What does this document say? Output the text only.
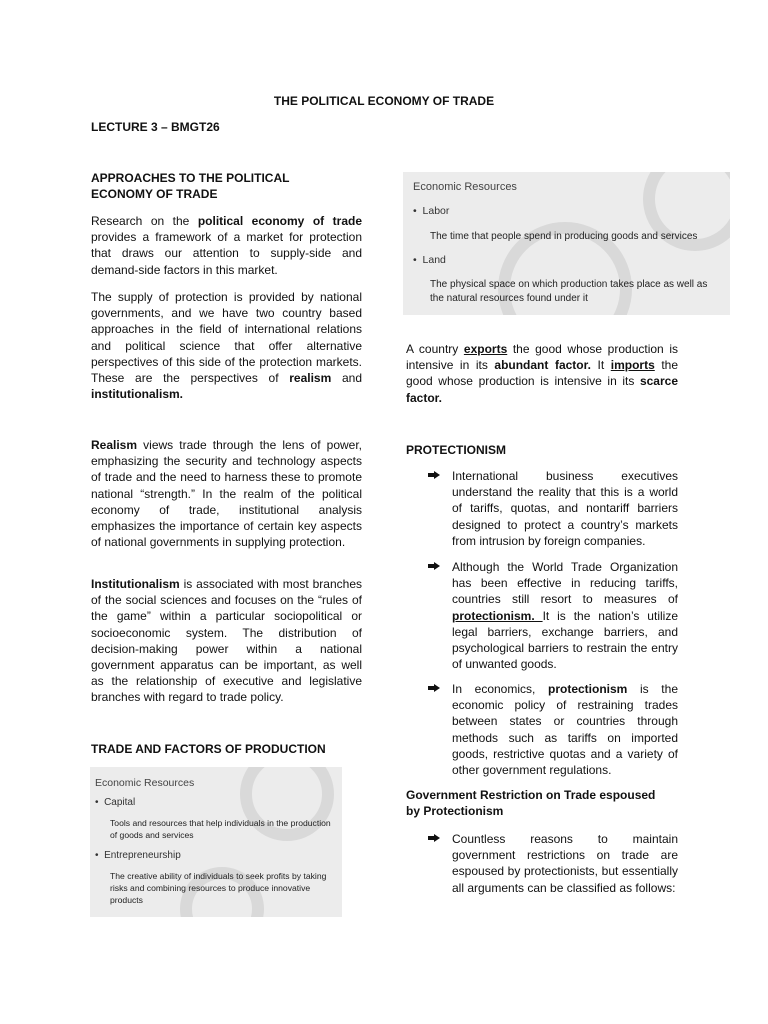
THE POLITICAL ECONOMY OF TRADE
LECTURE 3 – BMGT26
APPROACHES TO THE POLITICAL
ECONOMY OF TRADE

Research on the political economy of trade provides a framework of a market for protection that draws our attention to supply-side and demand-side factors in this market.

The supply of protection is provided by national governments, and we have two country based approaches in the field of international relations and political science that offer alternative perspectives of this side of the protection markets. These are the perspectives of realism and institutionalism.

Realism views trade through the lens of power, emphasizing the security and technology aspects of trade and the need to harness these to promote national “strength.” In the realm of the political economy of trade, institutional analysis emphasizes the importance of certain key aspects of national governments in supplying protection.

Institutionalism is associated with most branches of the social sciences and focuses on the “rules of the game” within a particular sociopolitical or socioeconomic system. The distribution of decision-making power within a national government apparatus can be important, as well as the relationship of executive and legislative branches with regard to trade policy.

TRADE AND FACTORS OF PRODUCTION
Economic Resources
•  Capital
Tools and resources that help individuals in the production of goods and services
•  Entrepreneurship
The creative ability of individuals to seek profits by taking risks and combining resources to produce innovative products
Economic Resources
•  Labor
The time that people spend in producing goods and services
•  Land
The physical space on which production takes place as well as the natural resources found under it

A country exports the good whose production is intensive in its abundant factor. It imports the good whose production is intensive in its scarce factor.

PROTECTIONISM

International business executives understand the reality that this is a world of tariffs, quotas, and nontariff barriers designed to protect a country’s markets from intrusion by foreign companies.

Although the World Trade Organization has been effective in reducing tariffs, countries still resort to measures of protectionism. It is the nation’s utilize legal barriers, exchange barriers, and psychological barriers to restrain the entry of unwanted goods.

In economics, protectionism is the economic policy of restraining trades between states or countries through methods such as tariffs on imported goods, restrictive quotas and a variety of other government regulations.

Government Restriction on Trade espoused
by Protectionism

Countless reasons to maintain government restrictions on trade are espoused by protectionists, but essentially all arguments can be classified as follows:
